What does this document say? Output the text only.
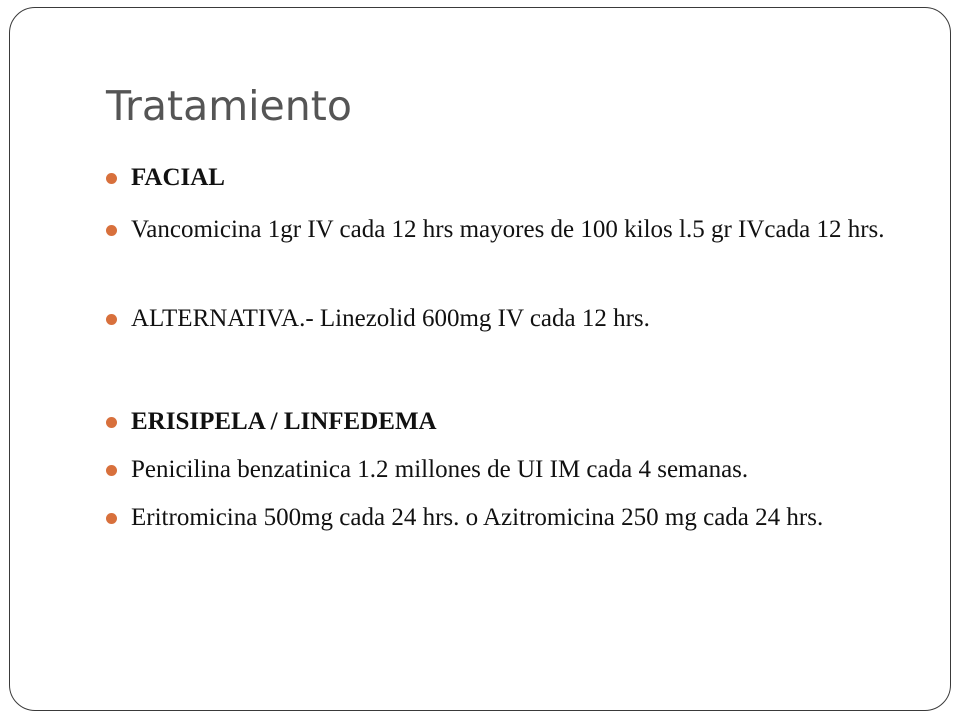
Tratamiento
FACIAL
Vancomicina 1gr IV cada 12 hrs mayores de 100 kilos l.5 gr IVcada 12 hrs.
ALTERNATIVA.- Linezolid 600mg IV cada 12 hrs.
ERISIPELA / LINFEDEMA
Penicilina benzatinica 1.2 millones de UI IM cada 4 semanas.
Eritromicina 500mg cada 24 hrs. o Azitromicina 250 mg cada 24 hrs.
